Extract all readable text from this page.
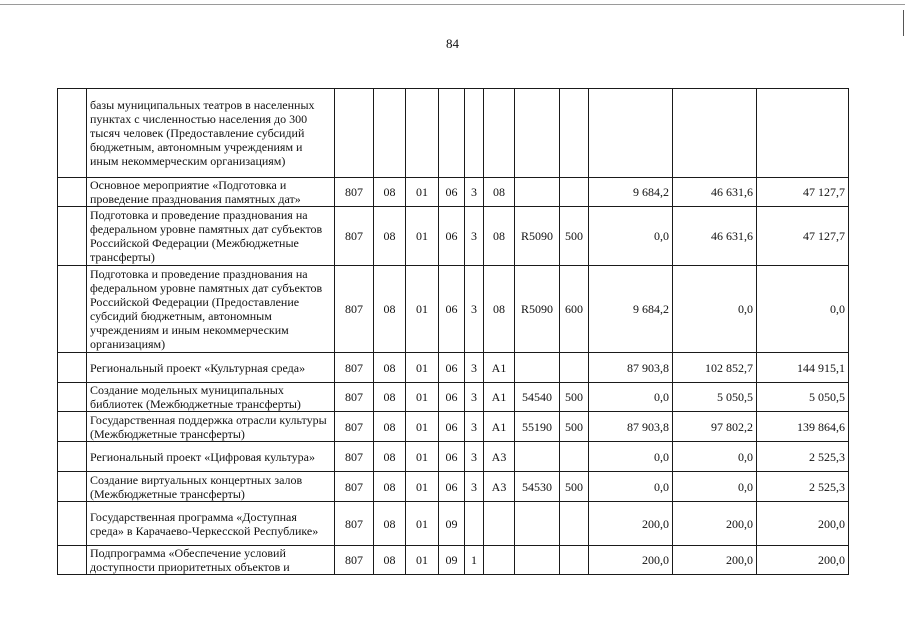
84
	базы муниципальных театров в населенных пунктах с численностью населения до 300 тысяч человек (Предоставление субсидий бюджетным, автономным учреждениям и иным некоммерческим организациям)											
	Основное мероприятие «Подготовка и проведение празднования памятных дат»	807	08	01	06	3	08			9 684,2	46 631,6	47 127,7
	Подготовка и проведение празднования на федеральном уровне памятных дат субъектов Российской Федерации (Межбюджетные трансферты)	807	08	01	06	3	08	R5090	500	0,0	46 631,6	47 127,7
	Подготовка и проведение празднования на федеральном уровне памятных дат субъектов Российской Федерации (Предоставление субсидий бюджетным, автономным учреждениям и иным некоммерческим организациям)	807	08	01	06	3	08	R5090	600	9 684,2	0,0	0,0
	Региональный проект «Культурная среда»	807	08	01	06	3	A1			87 903,8	102 852,7	144 915,1
	Создание модельных муниципальных библиотек (Межбюджетные трансферты)	807	08	01	06	3	A1	54540	500	0,0	5 050,5	5 050,5
	Государственная поддержка отрасли культуры (Межбюджетные трансферты)	807	08	01	06	3	A1	55190	500	87 903,8	97 802,2	139 864,6
	Региональный проект «Цифровая культура»	807	08	01	06	3	A3			0,0	0,0	2 525,3
	Создание виртуальных концертных залов (Межбюджетные трансферты)	807	08	01	06	3	A3	54530	500	0,0	0,0	2 525,3
	Государственная программа «Доступная среда» в Карачаево-Черкесской Республике»	807	08	01	09					200,0	200,0	200,0
	Подпрограмма «Обеспечение условий доступности приоритетных объектов и	807	08	01	09	1				200,0	200,0	200,0
